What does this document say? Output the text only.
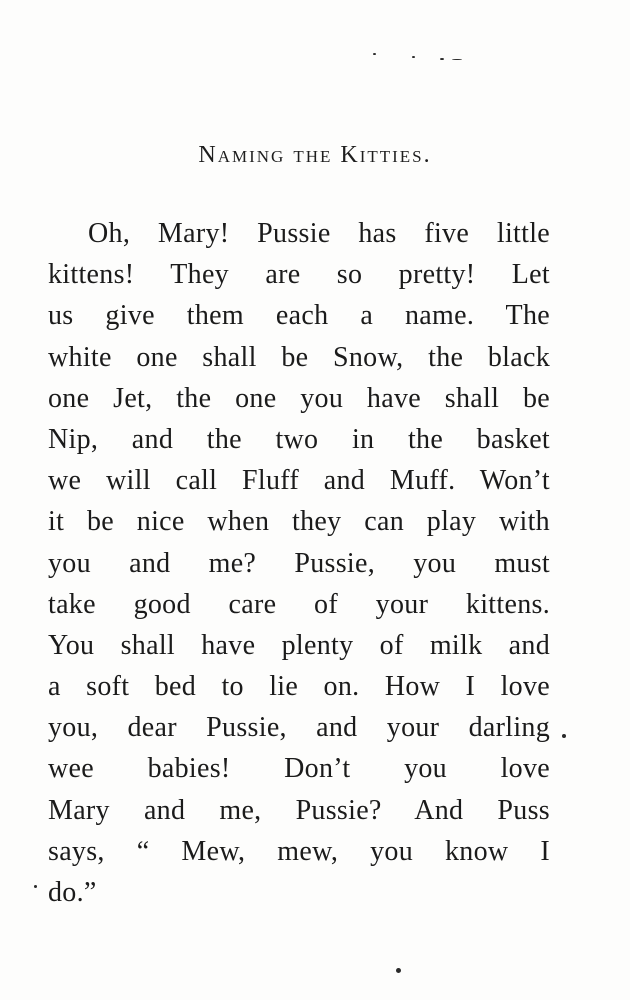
Naming the Kitties.
Oh, Mary! Pussie has five little
kittens! They are so pretty! Let
us give them each a name. The
white one shall be Snow, the black
one Jet, the one you have shall be
Nip, and the two in the basket
we will call Fluff and Muff. Won’t
it be nice when they can play with
you and me? Pussie, you must
take good care of your kittens.
You shall have plenty of milk and
a soft bed to lie on. How I love
you, dear Pussie, and your darling
wee babies! Don’t you love
Mary and me, Pussie? And Puss
says, “ Mew, mew, you know I
do.”
